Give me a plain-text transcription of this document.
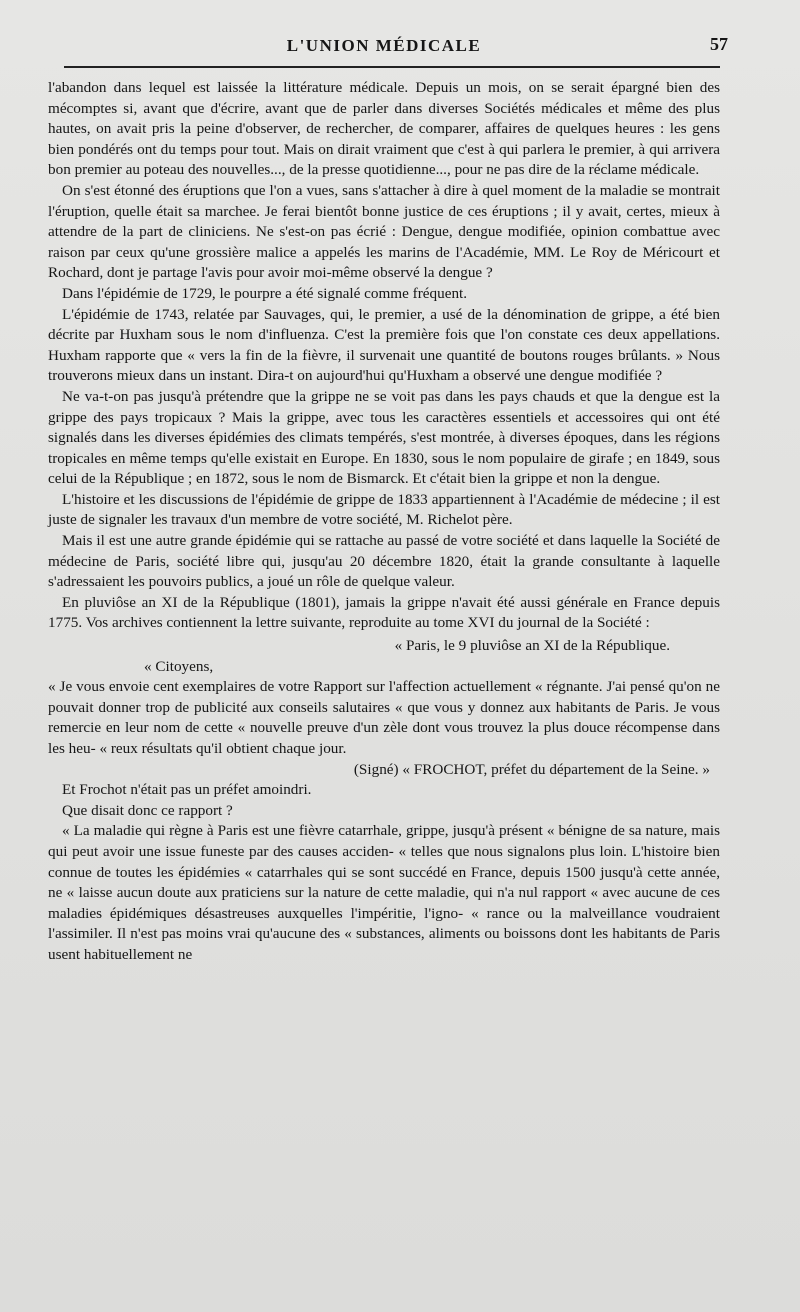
L'UNION MÉDICALE	57

l'abandon dans lequel est laissée la littérature médicale. Depuis un mois, on se serait épargné bien des mécomptes si, avant que d'écrire, avant que de parler dans diverses Sociétés médicales et même des plus hautes, on avait pris la peine d'observer, de rechercher, de comparer, affaires de quelques heures : les gens bien pondérés ont du temps pour tout. Mais on dirait vraiment que c'est à qui parlera le premier, à qui arrivera bon premier au poteau des nouvelles..., de la presse quotidienne..., pour ne pas dire de la réclame médicale.

On s'est étonné des éruptions que l'on a vues, sans s'attacher à dire à quel moment de la maladie se montrait l'éruption, quelle était sa marchee. Je ferai bientôt bonne justice de ces éruptions ; il y avait, certes, mieux à attendre de la part de cliniciens. Ne s'est-on pas écrié : Dengue, dengue modifiée, opinion combattue avec raison par ceux qu'une grossière malice a appelés les marins de l'Académie, MM. Le Roy de Méricourt et Rochard, dont je partage l'avis pour avoir moi-même observé la dengue ?

Dans l'épidémie de 1729, le pourpre a été signalé comme fréquent.

L'épidémie de 1743, relatée par Sauvages, qui, le premier, a usé de la dénomination de grippe, a été bien décrite par Huxham sous le nom d'influenza. C'est la première fois que l'on constate ces deux appellations. Huxham rapporte que « vers la fin de la fièvre, il survenait une quantité de boutons rouges brûlants. » Nous trouverons mieux dans un instant. Dira-t on aujourd'hui qu'Huxham a observé une dengue modifiée ?

Ne va-t-on pas jusqu'à prétendre que la grippe ne se voit pas dans les pays chauds et que la dengue est la grippe des pays tropicaux ? Mais la grippe, avec tous les caractères essentiels et accessoires qui ont été signalés dans les diverses épidémies des climats tempérés, s'est montrée, à diverses époques, dans les régions tropicales en même temps qu'elle existait en Europe. En 1830, sous le nom populaire de girafe ; en 1849, sous celui de la République ; en 1872, sous le nom de Bismarck. Et c'était bien la grippe et non la dengue.

L'histoire et les discussions de l'épidémie de grippe de 1833 appartiennent à l'Académie de médecine ; il est juste de signaler les travaux d'un membre de votre société, M. Richelot père.

Mais il est une autre grande épidémie qui se rattache au passé de votre société et dans laquelle la Société de médecine de Paris, société libre qui, jusqu'au 20 décembre 1820, était la grande consultante à laquelle s'adressaient les pouvoirs publics, a joué un rôle de quelque valeur.

En pluviôse an XI de la République (1801), jamais la grippe n'avait été aussi générale en France depuis 1775. Vos archives contiennent la lettre suivante, reproduite au tome XVI du journal de la Société :

« Paris, le 9 pluviôse an XI de la République.

« Citoyens,

« Je vous envoie cent exemplaires de votre Rapport sur l'affection actuellement « régnante. J'ai pensé qu'on ne pouvait donner trop de publicité aux conseils salutaires « que vous y donnez aux habitants de Paris. Je vous remercie en leur nom de cette « nouvelle preuve d'un zèle dont vous trouvez la plus douce récompense dans les heu- « reux résultats qu'il obtient chaque jour.

(Signé) « FROCHOT, préfet du département de la Seine. »

Et Frochot n'était pas un préfet amoindri.

Que disait donc ce rapport ?

« La maladie qui règne à Paris est une fièvre catarrhale, grippe, jusqu'à présent « bénigne de sa nature, mais qui peut avoir une issue funeste par des causes acciden- « telles que nous signalons plus loin. L'histoire bien connue de toutes les épidémies « catarrhales qui se sont succédé en France, depuis 1500 jusqu'à cette année, ne « laisse aucun doute aux praticiens sur la nature de cette maladie, qui n'a nul rapport « avec aucune de ces maladies épidémiques désastreuses auxquelles l'impéritie, l'igno- « rance ou la malveillance voudraient l'assimiler. Il n'est pas moins vrai qu'aucune des « substances, aliments ou boissons dont les habitants de Paris usent habituellement ne
